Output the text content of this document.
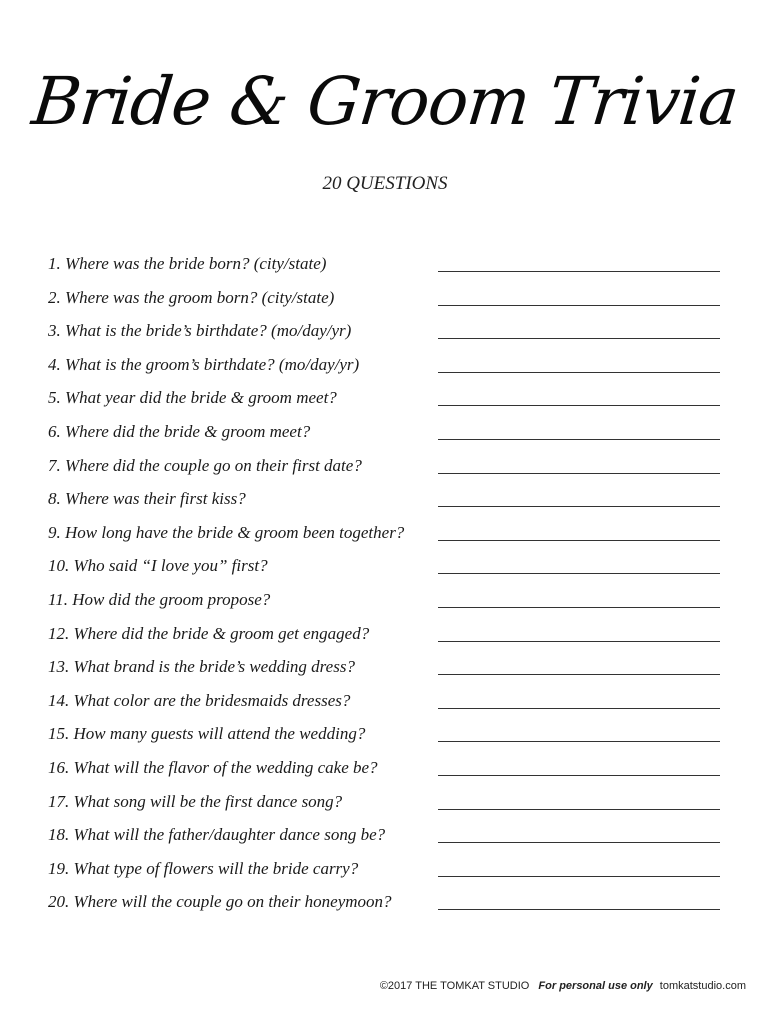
Bride & Groom Trivia
20 QUESTIONS
1. Where was the bride born? (city/state)
2. Where was the groom born? (city/state)
3. What is the bride’s birthdate? (mo/day/yr)
4. What is the groom’s birthdate? (mo/day/yr)
5. What year did the bride & groom meet?
6. Where did the bride & groom meet?
7. Where did the couple go on their first date?
8. Where was their first kiss?
9. How long have the bride & groom been together?
10. Who said “I love you” first?
11. How did the groom propose?
12. Where did the bride & groom get engaged?
13. What brand is the bride’s wedding dress?
14. What color are the bridesmaids dresses?
15. How many guests will attend the wedding?
16. What will the flavor of the wedding cake be?
17. What song will be the first dance song?
18. What will the father/daughter dance song be?
19. What type of flowers will the bride carry?
20. Where will the couple go on their honeymoon?
©2017 THE TOMKAT STUDIO For personal use only tomkatstudio.com
